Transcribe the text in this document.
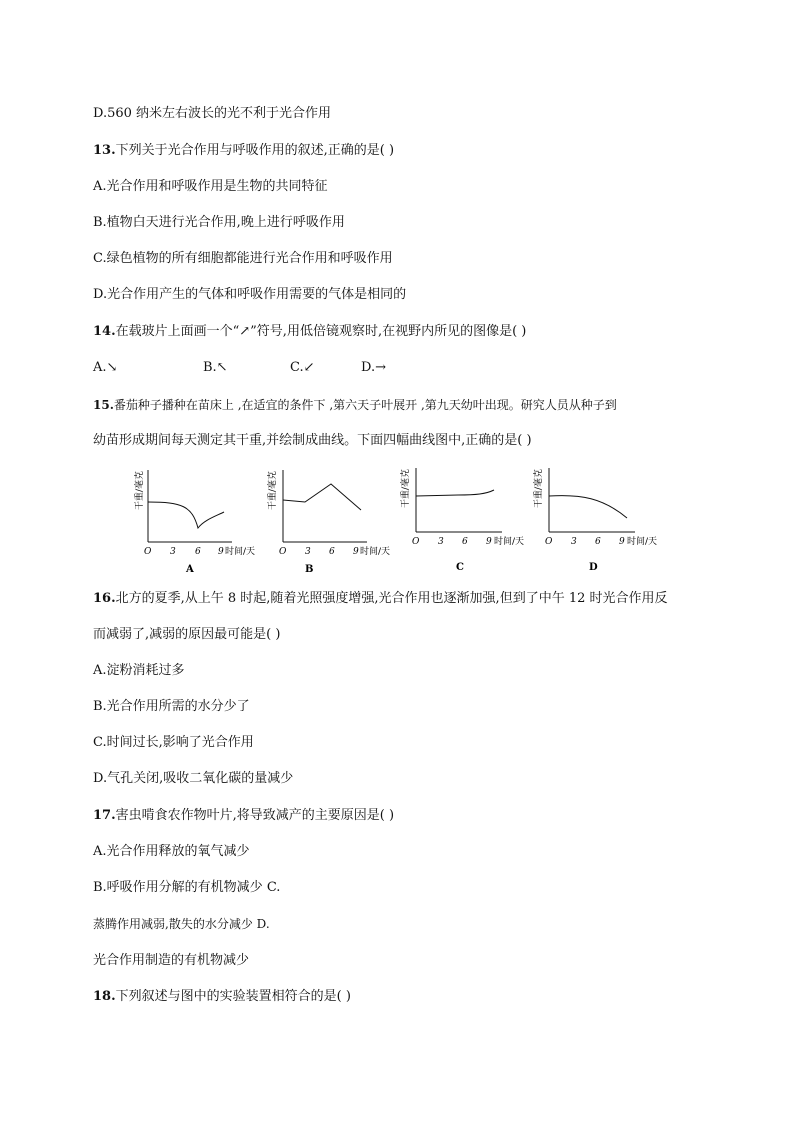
D.560 纳米左右波长的光不利于光合作用
13.下列关于光合作用与呼吸作用的叙述,正确的是( )
A.光合作用和呼吸作用是生物的共同特征
B.植物白天进行光合作用,晚上进行呼吸作用
C.绿色植物的所有细胞都能进行光合作用和呼吸作用
D.光合作用产生的气体和呼吸作用需要的气体是相同的
14.在载玻片上面画一个“↗”符号,用低倍镜观察时,在视野内所见的图像是( )
A.↘	B.↖	C.↙	D.→
15.番茄种子播种在苗床上 ,在适宜的条件下 ,第六天子叶展开 ,第九天幼叶出现。研究人员从种子到
幼苗形成期间每天测定其干重,并绘制成曲线。下面四幅曲线图中,正确的是( )
干重/毫克
O 3 6 9 时间/天
A
干重/毫克
O 3 6 9 时间/天
B
干重/毫克
O 3 6 9 时间/天
C
干重/毫克
O 3 6 9 时间/天
D
16.北方的夏季,从上午 8 时起,随着光照强度增强,光合作用也逐渐加强,但到了中午 12 时光合作用反
而减弱了,减弱的原因最可能是( )
A.淀粉消耗过多
B.光合作用所需的水分少了
C.时间过长,影响了光合作用
D.气孔关闭,吸收二氧化碳的量减少
17.害虫啃食农作物叶片,将导致减产的主要原因是( )
A.光合作用释放的氧气减少
B.呼吸作用分解的有机物减少 C.
蒸腾作用减弱,散失的水分减少 D.
光合作用制造的有机物减少
18.下列叙述与图中的实验装置相符合的是( )
